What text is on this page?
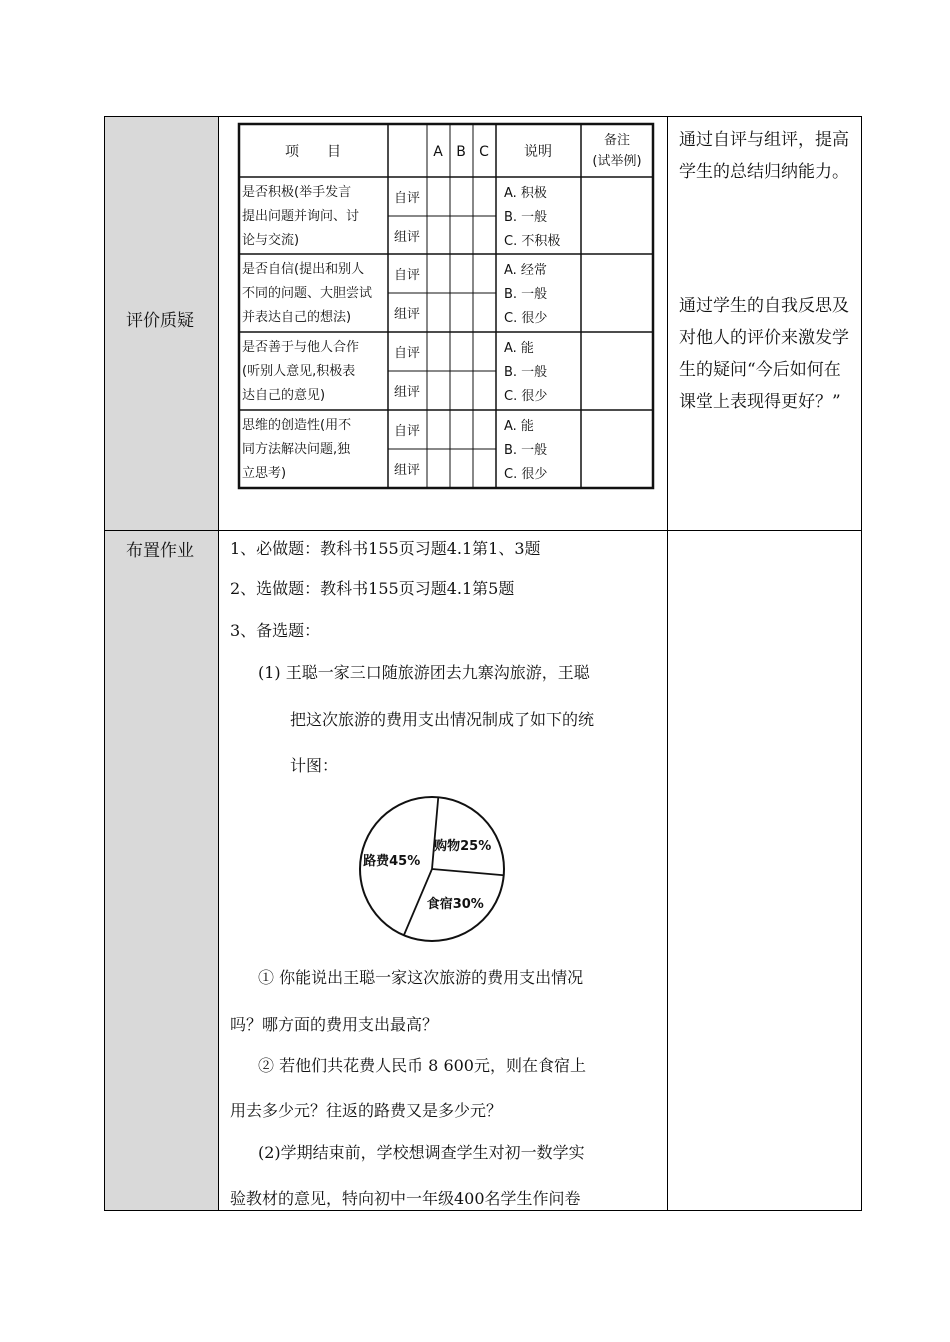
评价质疑
布置作业
通过自评与组评，提高学生的总结归纳能力。
通过学生的自我反思及对他人的评价来激发学生的疑问“今后如何在课堂上表现得更好？”
项　　目	A B C	说明
备注
(试举例)
是否积极(举手发言
提出问题并询问、讨
论与交流)
自评
组评
A. 积极
B. 一般
C. 不积极
是否自信(提出和别人
不同的问题、大胆尝试
并表达自己的想法)
自评
组评
A. 经常
B. 一般
C. 很少
是否善于与他人合作
(听别人意见,积极表
达自己的意见)
自评
组评
A. 能
B. 一般
C. 很少
思维的创造性(用不
同方法解决问题,独
立思考)
自评
组评
A. 能
B. 一般
C. 很少
1、必做题：教科书155页习题4.1第1、3题
2、选做题：教科书155页习题4.1第5题
3、备选题：
(1) 王聪一家三口随旅游团去九寨沟旅游，王聪
把这次旅游的费用支出情况制成了如下的统
计图：
购物25%
食宿30%
路费45%
① 你能说出王聪一家这次旅游的费用支出情况
吗？哪方面的费用支出最高？
② 若他们共花费人民币 8 600元，则在食宿上
用去多少元？往返的路费又是多少元？
(2)学期结束前，学校想调查学生对初一数学实
验教材的意见，特向初中一年级400名学生作问卷
